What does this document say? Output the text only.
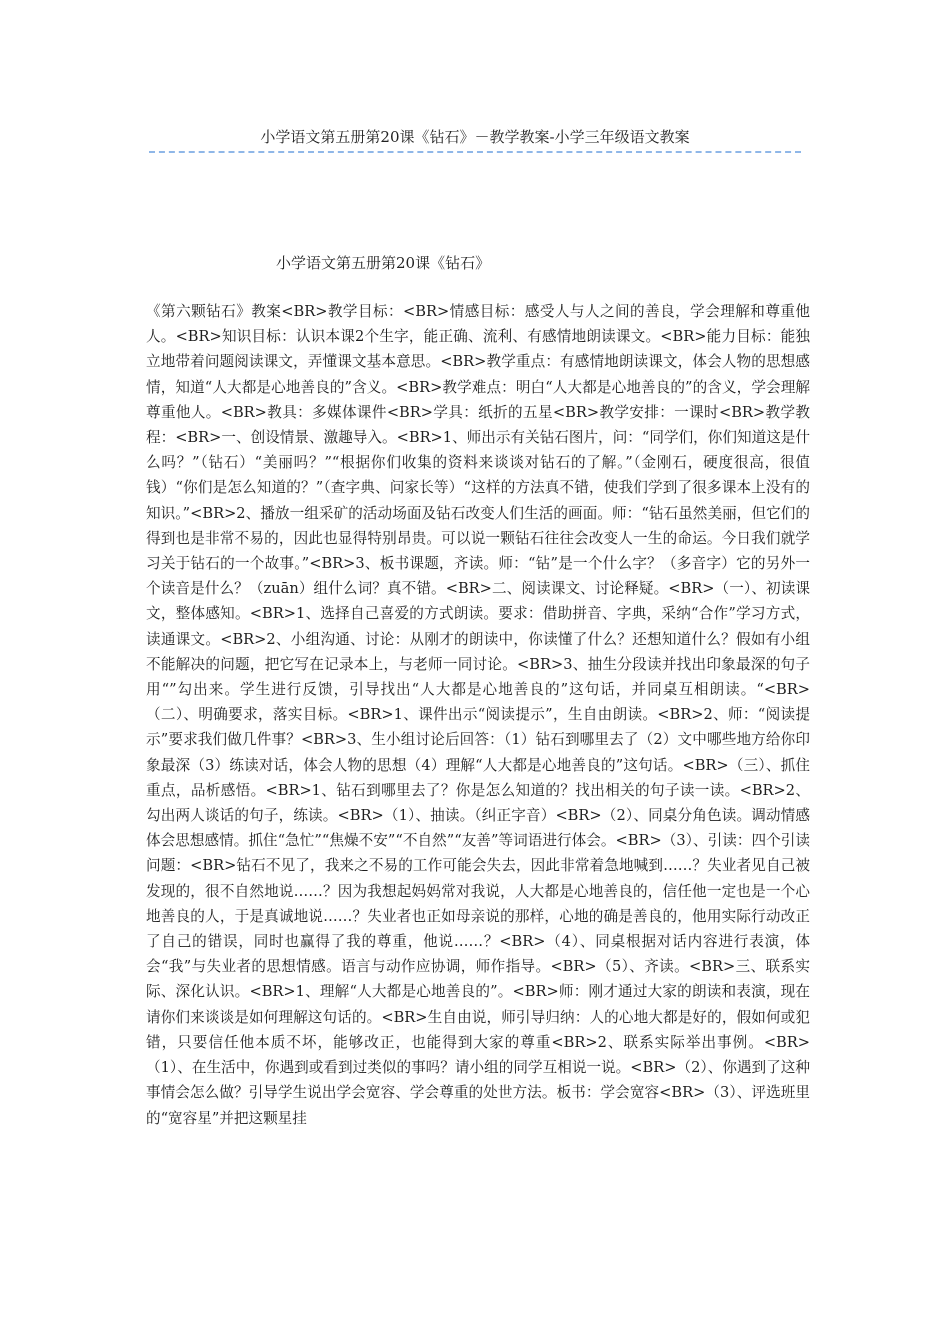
小学语文第五册第20课《钻石》－教学教案-小学三年级语文教案
小学语文第五册第20课《钻石》
《第六颗钻石》教案<BR>教学目标：<BR>情感目标：感受人与人之间的善良，学会理解和尊重他人。<BR>知识目标：认识本课2个生字，能正确、流利、有感情地朗读课文。<BR>能力目标：能独立地带着问题阅读课文，弄懂课文基本意思。<BR>教学重点：有感情地朗读课文，体会人物的思想感情，知道“人大都是心地善良的”含义。<BR>教学难点：明白“人大都是心地善良的”的含义，学会理解尊重他人。<BR>教具：多媒体课件<BR>学具：纸折的五星<BR>教学安排：一课时<BR>教学教程：<BR>一、创设情景、激趣导入。<BR>1、师出示有关钻石图片，问：“同学们，你们知道这是什么吗？”（钻石）“美丽吗？”“根据你们收集的资料来谈谈对钻石的了解。”（金刚石，硬度很高，很值钱）“你们是怎么知道的？”（查字典、问家长等）“这样的方法真不错，使我们学到了很多课本上没有的知识。”<BR>2、播放一组采矿的活动场面及钻石改变人们生活的画面。师：“钻石虽然美丽，但它们的得到也是非常不易的，因此也显得特别昂贵。可以说一颗钻石往往会改变人一生的命运。今日我们就学习关于钻石的一个故事。”<BR>3、板书课题，齐读。师：“钻”是一个什么字？（多音字）它的另外一个读音是什么？（zuān）组什么词？真不错。<BR>二、阅读课文、讨论释疑。<BR>（一）、初读课文，整体感知。<BR>1、选择自己喜爱的方式朗读。要求：借助拼音、字典，采纳“合作”学习方式，读通课文。<BR>2、小组沟通、讨论：从刚才的朗读中，你读懂了什么？还想知道什么？假如有小组不能解决的问题，把它写在记录本上，与老师一同讨论。<BR>3、抽生分段读并找出印象最深的句子用“”勾出来。学生进行反馈，引导找出“人大都是心地善良的”这句话，并同桌互相朗读。“<BR>（二）、明确要求，落实目标。<BR>1、课件出示“阅读提示”，生自由朗读。<BR>2、师：“阅读提示”要求我们做几件事？<BR>3、生小组讨论后回答：（1）钻石到哪里去了（2）文中哪些地方给你印象最深（3）练读对话，体会人物的思想（4）理解“人大都是心地善良的”这句话。<BR>（三）、抓住重点，品析感悟。<BR>1、钻石到哪里去了？你是怎么知道的？找出相关的句子读一读。<BR>2、勾出两人谈话的句子，练读。<BR>（1）、抽读。（纠正字音）<BR>（2）、同桌分角色读。调动情感体会思想感情。抓住“急忙”“焦燥不安”“不自然”“友善”等词语进行体会。<BR>（3）、引读：四个引读问题：<BR>钻石不见了，我来之不易的工作可能会失去，因此非常着急地喊到……？失业者见自己被发现的，很不自然地说……？因为我想起妈妈常对我说，人大都是心地善良的，信任他一定也是一个心地善良的人，于是真诚地说……？失业者也正如母亲说的那样，心地的确是善良的，他用实际行动改正了自己的错误，同时也赢得了我的尊重，他说……？<BR>（4）、同桌根据对话内容进行表演，体会“我”与失业者的思想情感。语言与动作应协调，师作指导。<BR>（5）、齐读。<BR>三、联系实际、深化认识。<BR>1、理解“人大都是心地善良的”。<BR>师：刚才通过大家的朗读和表演，现在请你们来谈谈是如何理解这句话的。<BR>生自由说，师引导归纳：人的心地大都是好的，假如何或犯错，只要信任他本质不坏，能够改正，也能得到大家的尊重<BR>2、联系实际举出事例。<BR>（1）、在生活中，你遇到或看到过类似的事吗？请小组的同学互相说一说。<BR>（2）、你遇到了这种事情会怎么做？引导学生说出学会宽容、学会尊重的处世方法。板书：学会宽容<BR>（3）、评选班里的“宽容星”并把这颗星挂
